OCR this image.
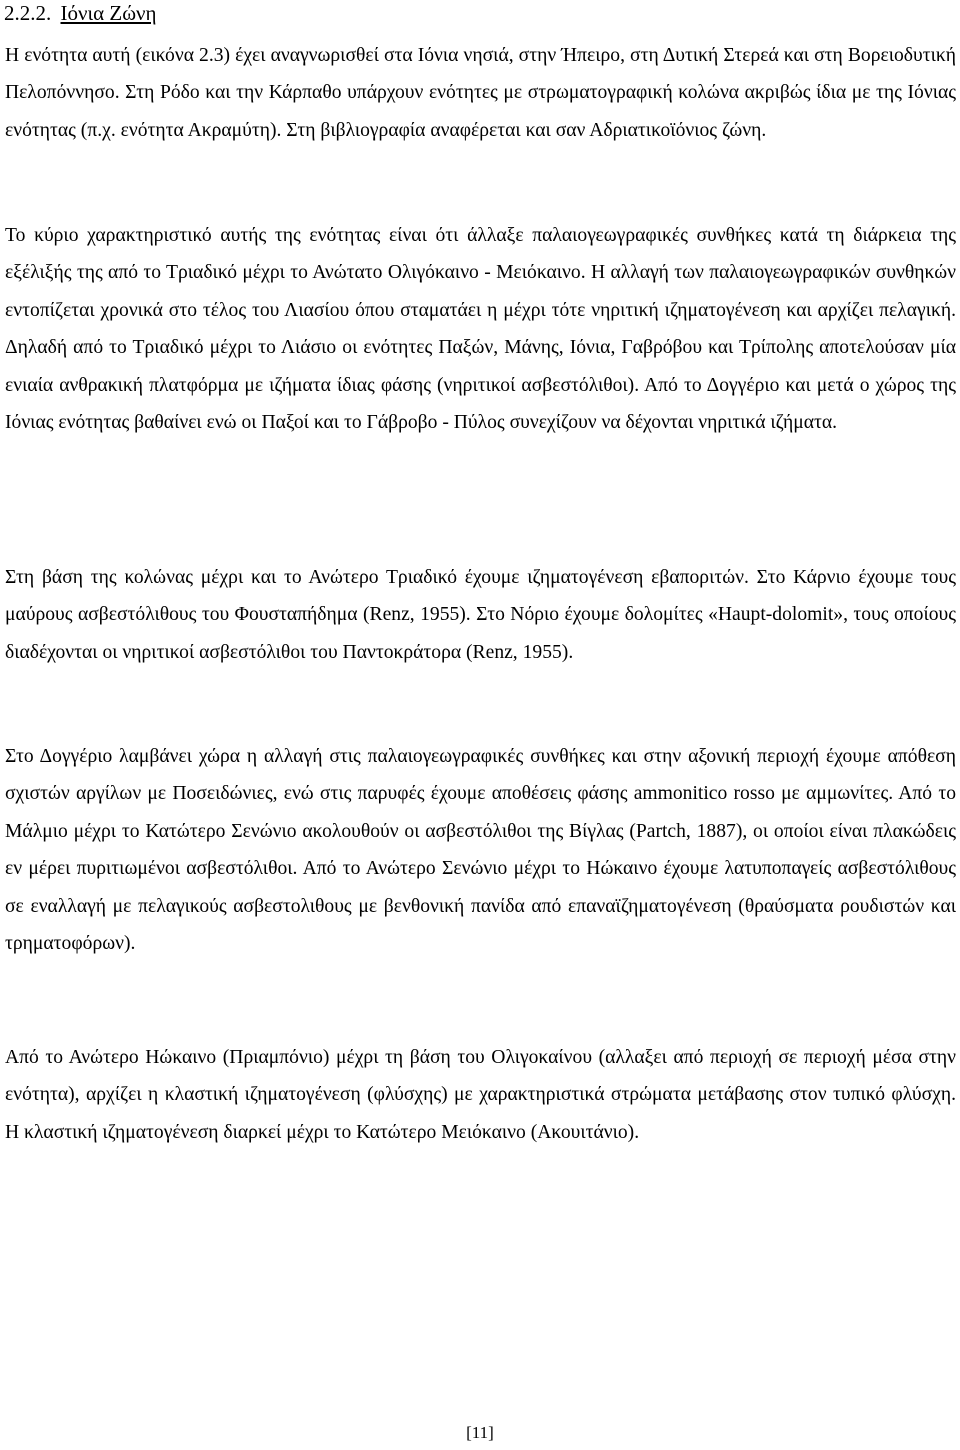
2.2.2. Ιόνια Ζώνη

Η ενότητα αυτή (εικόνα 2.3) έχει αναγνωρισθεί στα Ιόνια νησιά, στην Ήπειρο, στη Δυτική Στερεά και στη Βορειοδυτική Πελοπόννησο. Στη Ρόδο και την Κάρπαθο υπάρχουν ενότητες με στρωματογραφική κολώνα ακριβώς ίδια με της Ιόνιας ενότητας (π.χ. ενότητα Ακραμύτη). Στη βιβλιογραφία αναφέρεται και σαν Αδριατικοϊόνιος ζώνη.

Το κύριο χαρακτηριστικό αυτής της ενότητας είναι ότι άλλαξε παλαιογεωγραφικές συνθήκες κατά τη διάρκεια της εξέλιξής της από το Τριαδικό μέχρι το Ανώτατο Ολιγόκαινο - Μειόκαινο. Η αλλαγή των παλαιογεωγραφικών συνθηκών εντοπίζεται χρονικά στο τέλος του Λιασίου όπου σταματάει η μέχρι τότε νηριτική ιζηματογένεση και αρχίζει πελαγική. Δηλαδή από το Τριαδικό μέχρι το Λιάσιο οι ενότητες Παξών, Μάνης, Ιόνια, Γαβρόβου και Τρίπολης αποτελούσαν μία ενιαία ανθρακική πλατφόρμα με ιζήματα ίδιας φάσης (νηριτικοί ασβεστόλιθοι). Από το Δογγέριο και μετά ο χώρος της Ιόνιας ενότητας βαθαίνει ενώ οι Παξοί και το Γάβροβο - Πύλος συνεχίζουν να δέχονται νηριτικά ιζήματα.

Στη βάση της κολώνας μέχρι και το Ανώτερο Τριαδικό έχουμε ιζηματογένεση εβαποριτών. Στο Κάρνιο έχουμε τους μαύρους ασβεστόλιθους του Φουσταπήδημα (Renz, 1955). Στο Νόριο έχουμε δολομίτες «Haupt-dolomit», τους οποίους διαδέχονται οι νηριτικοί ασβεστόλιθοι του Παντοκράτορα (Renz, 1955).

Στο Δογγέριο λαμβάνει χώρα η αλλαγή στις παλαιογεωγραφικές συνθήκες και στην αξονική περιοχή έχουμε απόθεση σχιστών αργίλων με Ποσειδώνιες, ενώ στις παρυφές έχουμε αποθέσεις φάσης ammonitico rosso με αμμωνίτες. Από το Μάλμιο μέχρι το Κατώτερο Σενώνιο ακολουθούν οι ασβεστόλιθοι της Βίγλας (Partch, 1887), οι οποίοι είναι πλακώδεις εν μέρει πυριτιωμένοι ασβεστόλιθοι. Από το Ανώτερο Σενώνιο μέχρι το Ηώκαινο έχουμε λατυποπαγείς ασβεστόλιθους σε εναλλαγή με πελαγικούς ασβεστολιθους με βενθονική πανίδα από επαναϊζηματογένεση (θραύσματα ρουδιστών και τρηματοφόρων).

Από το Ανώτερο Ηώκαινο (Πριαμπόνιο) μέχρι τη βάση του Ολιγοκαίνου (αλλαξει από περιοχή σε περιοχή μέσα στην ενότητα), αρχίζει η κλαστική ιζηματογένεση (φλύσχης) με χαρακτηριστικά στρώματα μετάβασης στον τυπικό φλύσχη. Η κλαστική ιζηματογένεση διαρκεί μέχρι το Κατώτερο Μειόκαινο (Ακουιτάνιο).

[11]
